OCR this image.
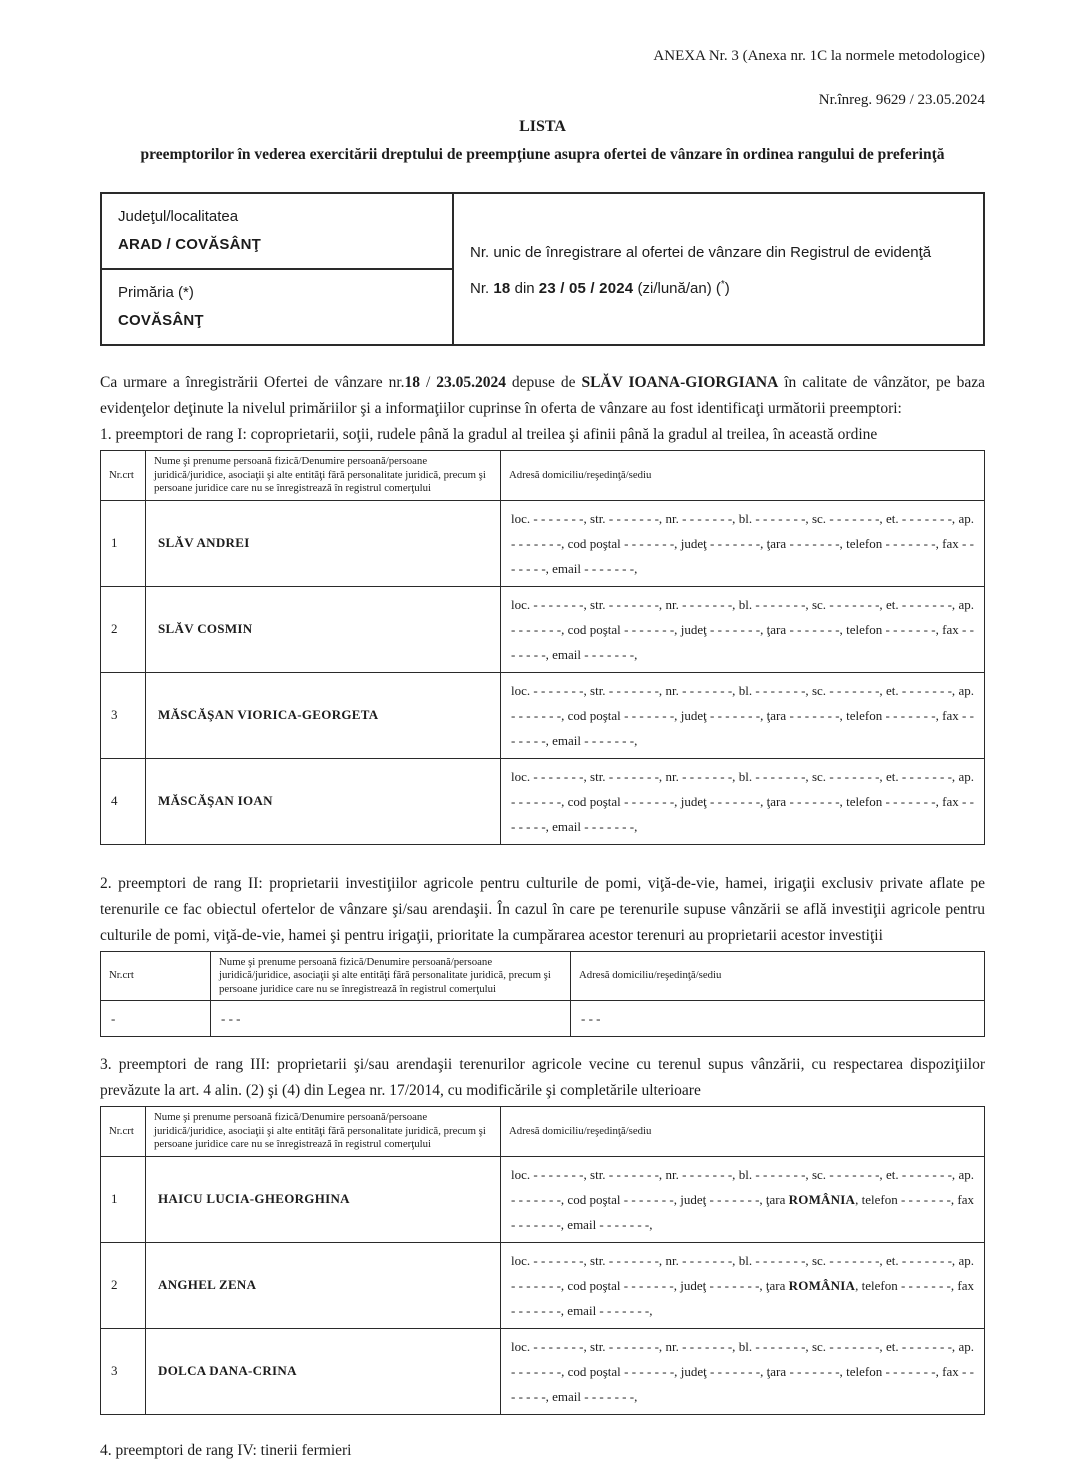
ANEXA Nr. 3 (Anexa nr. 1C la normele metodologice)
Nr.înreg. 9629 / 23.05.2024
LISTA
preemptorilor în vederea exercitării dreptului de preempţiune asupra ofertei de vânzare în ordinea rangului de preferinţă
Judeţul/localitatea
ARAD / COVĂSÂNŢ	Nr. unic de înregistrare al ofertei de vânzare din Registrul de evidenţă
Nr. 18 din 23 / 05 / 2024 (zi/lună/an) (*)

Primăria (*)
COVĂSÂNŢ

Ca urmare a înregistrării Ofertei de vânzare nr.18 / 23.05.2024 depuse de SLĂV IOANA-GIORGIANA în calitate de vânzător, pe baza evidenţelor deţinute la nivelul primăriilor şi a informaţiilor cuprinse în oferta de vânzare au fost identificaţi următorii preemptori:

1. preemptori de rang I: coproprietarii, soţii, rudele până la gradul al treilea şi afinii până la gradul al treilea, în această ordine

Nr.crt	Nume şi prenume persoană fizică/Denumire persoană/persoane juridică/juridice, asociaţii şi alte entităţi fără personalitate juridică, precum şi persoane juridice care nu se înregistrează în registrul comerţului	Adresă domiciliu/reşedinţă/sediu
1	SLĂV ANDREI	loc. - - - - - - -, str. - - - - - - -, nr. - - - - - - -, bl. - - - - - - -, sc. - - - - - - -, et. - - - - - - -, ap. - - - - - - -, cod poştal - - - - - - -, judeţ - - - - - - -, ţara - - - - - - -, telefon - - - - - - -, fax - - - - - - -, email - - - - - - -,
2	SLĂV COSMIN	loc. - - - - - - -, str. - - - - - - -, nr. - - - - - - -, bl. - - - - - - -, sc. - - - - - - -, et. - - - - - - -, ap. - - - - - - -, cod poştal - - - - - - -, judeţ - - - - - - -, ţara - - - - - - -, telefon - - - - - - -, fax - - - - - - -, email - - - - - - -,
3	MĂSCĂŞAN VIORICA-GEORGETA	loc. - - - - - - -, str. - - - - - - -, nr. - - - - - - -, bl. - - - - - - -, sc. - - - - - - -, et. - - - - - - -, ap. - - - - - - -, cod poştal - - - - - - -, judeţ - - - - - - -, ţara - - - - - - -, telefon - - - - - - -, fax - - - - - - -, email - - - - - - -,
4	MĂSCĂŞAN IOAN	loc. - - - - - - -, str. - - - - - - -, nr. - - - - - - -, bl. - - - - - - -, sc. - - - - - - -, et. - - - - - - -, ap. - - - - - - -, cod poştal - - - - - - -, judeţ - - - - - - -, ţara - - - - - - -, telefon - - - - - - -, fax - - - - - - -, email - - - - - - -,

2. preemptori de rang II: proprietarii investiţiilor agricole pentru culturile de pomi, viţă-de-vie, hamei, irigaţii exclusiv private aflate pe terenurile ce fac obiectul ofertelor de vânzare şi/sau arendaşii. În cazul în care pe terenurile supuse vânzării se află investiţii agricole pentru culturile de pomi, viţă-de-vie, hamei şi pentru irigaţii, prioritate la cumpărarea acestor terenuri au proprietarii acestor investiţii

Nr.crt	Nume şi prenume persoană fizică/Denumire persoană/persoane juridică/juridice, asociaţii şi alte entităţi fără personalitate juridică, precum şi persoane juridice care nu se înregistrează în registrul comerţului	Adresă domiciliu/reşedinţă/sediu
-	- - -	- - -

3. preemptori de rang III: proprietarii şi/sau arendaşii terenurilor agricole vecine cu terenul supus vânzării, cu respectarea dispoziţiilor prevăzute la art. 4 alin. (2) şi (4) din Legea nr. 17/2014, cu modificările şi completările ulterioare

Nr.crt	Nume şi prenume persoană fizică/Denumire persoană/persoane juridică/juridice, asociaţii şi alte entităţi fără personalitate juridică, precum şi persoane juridice care nu se înregistrează în registrul comerţului	Adresă domiciliu/reşedinţă/sediu
1	HAICU LUCIA-GHEORGHINA	loc. - - - - - - -, str. - - - - - - -, nr. - - - - - - -, bl. - - - - - - -, sc. - - - - - - -, et. - - - - - - -, ap. - - - - - - -, cod poştal - - - - - - -, judeţ - - - - - - -, ţara ROMÂNIA, telefon - - - - - - -, fax - - - - - - -, email - - - - - - -,
2	ANGHEL ZENA	loc. - - - - - - -, str. - - - - - - -, nr. - - - - - - -, bl. - - - - - - -, sc. - - - - - - -, et. - - - - - - -, ap. - - - - - - -, cod poştal - - - - - - -, judeţ - - - - - - -, ţara ROMÂNIA, telefon - - - - - - -, fax - - - - - - -, email - - - - - - -,
3	DOLCA DANA-CRINA	loc. - - - - - - -, str. - - - - - - -, nr. - - - - - - -, bl. - - - - - - -, sc. - - - - - - -, et. - - - - - - -, ap. - - - - - - -, cod poştal - - - - - - -, judeţ - - - - - - -, ţara - - - - - - -, telefon - - - - - - -, fax - - - - - - -, email - - - - - - -,

4. preemptori de rang IV: tinerii fermieri
